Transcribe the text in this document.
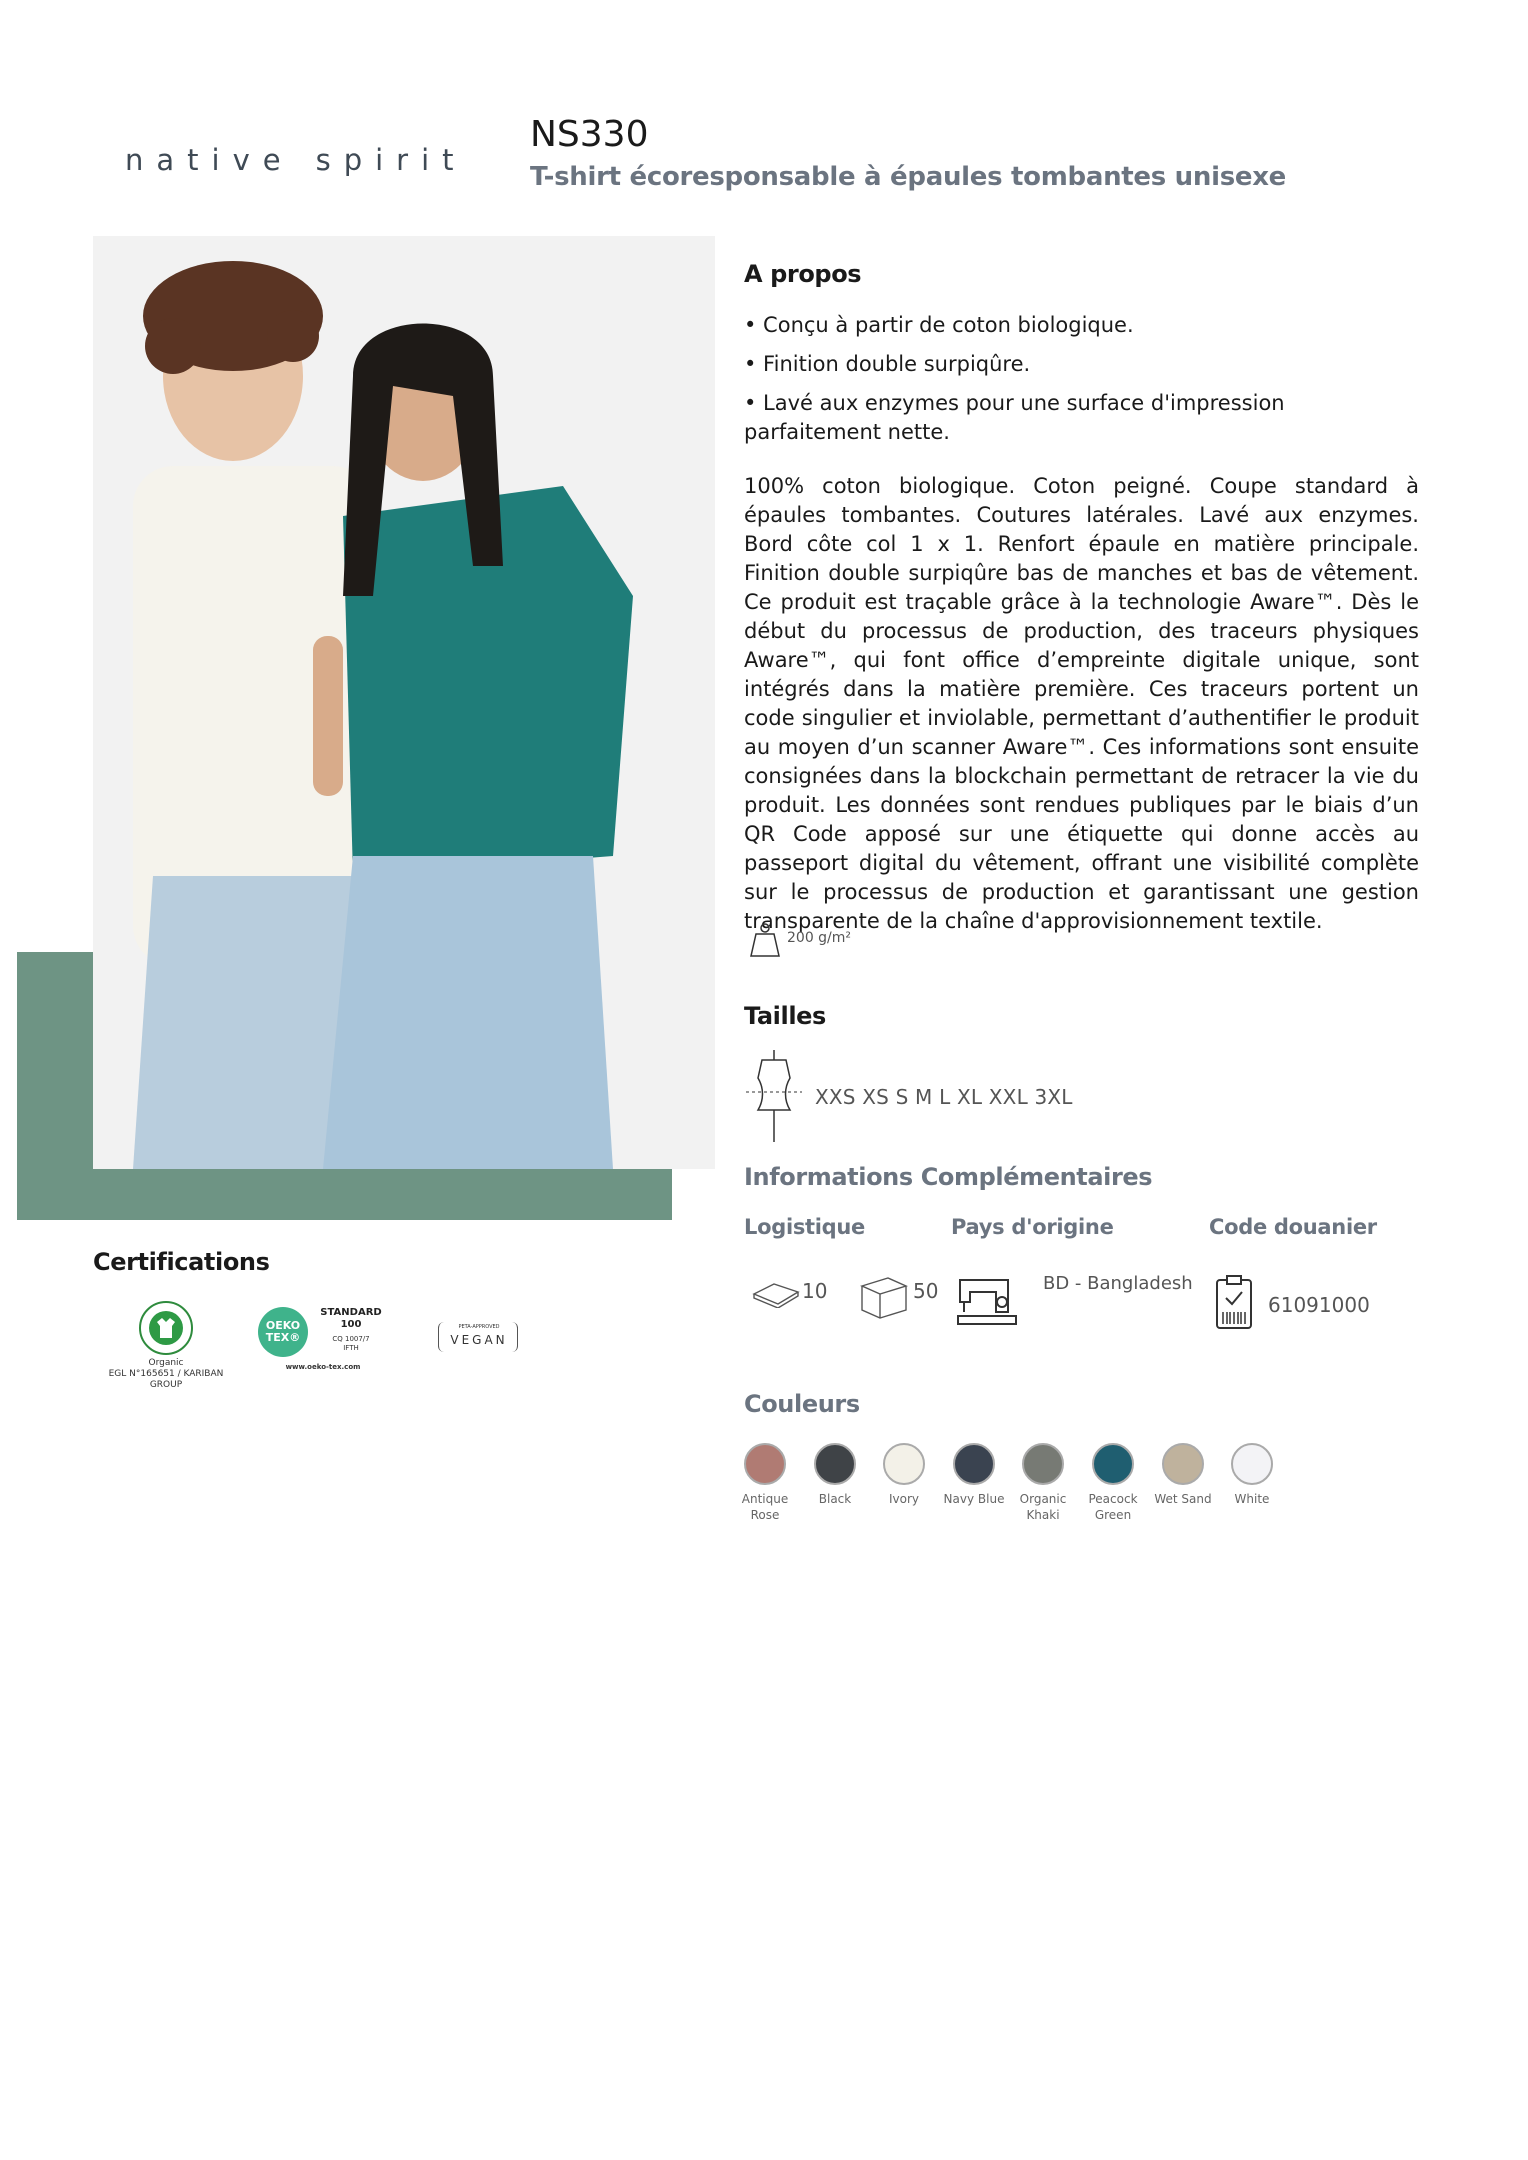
native spirit
NS330
T-shirt écoresponsable à épaules tombantes unisexe
A propos
• Conçu à partir de coton biologique.
• Finition double surpiqûre.
• Lavé aux enzymes pour une surface d'impression parfaitement nette.
100% coton biologique. Coton peigné. Coupe standard à épaules tombantes. Coutures latérales. Lavé aux enzymes. Bord côte col 1 x 1. Renfort épaule en matière principale. Finition double surpiqûre bas de manches et bas de vêtement. Ce produit est traçable grâce à la technologie Aware™. Dès le début du processus de production, des traceurs physiques Aware™, qui font office d’empreinte digitale unique, sont intégrés dans la matière première. Ces traceurs portent un code singulier et inviolable, permettant d’authentifier le produit au moyen d’un scanner Aware™. Ces informations sont ensuite consignées dans la blockchain permettant de retracer la vie du produit. Les données sont rendues publiques par le biais d’un QR Code apposé sur une étiquette qui donne accès au passeport digital du vêtement, offrant une visibilité complète sur le processus de production et garantissant une gestion transparente de la chaîne d'approvisionnement textile.
200 g/m²
Tailles
XXS XS S M L XL XXL 3XL
Informations Complémentaires
Logistique	Pays d'origine	Code douanier
10	50	BD - Bangladesh
61091000
Couleurs
Antique Rose
Black	Ivory	Navy Blue	Organic Khaki
Peacock Green
Wet Sand	White
Certifications
Organic
EGL N°165651 / KARIBAN GROUP
OEKO TEX®
STANDARD
100
CQ 1007/7
IFTH
www.oeko-tex.com
PETA-APPROVED
VEGAN
